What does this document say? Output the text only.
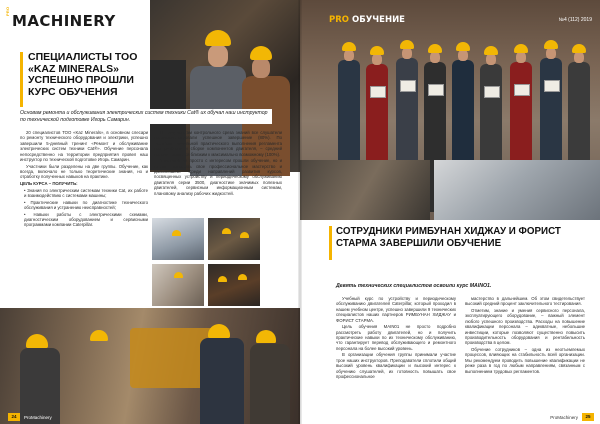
PRO
MACHINERY
СПЕЦИАЛИСТЫ ТОО «KAZ MINERALS» УСПЕШНО ПРОШЛИ КУРС ОБУЧЕНИЯ

Основам ремонта и обслуживания электрических систем техники Cat® их обучал наш инструктор по технической подготовке Игорь Самарин.

20 специалистов ТОО «Kaz Minerals», в основном слесари по ремонту технического оборудования и электрики, успешно завершили 5-дневный тренинг «Ремонт и обслуживание электрических систем техники Cat®». Обучение персонала непосредственно на территории предприятия провел наш инструктор по технической подготовке Игорь Самарин.

Участники были разделены на две группы. Обучение, как всегда, включало не только теоретические знания, но и отработку полученных навыков на практике.

ЦЕЛЬ КУРСА – ПОЛУЧИТЬ:

• Знания по электрическим системам техники Cat, их работе и взаимодействию с системами машины;

• Практические навыки по диагностике технического обслуживания и устранению неисправностей;

• Навыки работы с электрическими схемами, диагностическим оборудованием и сервисными программами компании Caterpillar.

По результатам контрольного среза знаний все слушатели продемонстрировали успешное завершение (80%). По расчетам, начальной практического выполнения регламента при разборке и сборке компонентов двигателя, – средний процент оказался близким к максимально возможному (100%).

Участники не просто с интересом прошли обучение, но и готовы повышать свое профессиональное мастерство и дальнейшем. Среди направлений развития курсов, посвященных устройству и периодическому обслуживанию двигателя серии 3500, диагностике значимых полезных двигателей, сервисным информационным системам, плановому анализу рабочих жидкостей.

24	ProMachinery
PRO ОБУЧЕНИЕ	№4 (112) 2019
СОТРУДНИКИ РИМБУНАН ХИДЖАУ И ФОРИСТ СТАРМА ЗАВЕРШИЛИ ОБУЧЕНИЕ

Девять технических специалистов освоили курс MAINO1.

Учебный курс по устройству и периодическому обслуживанию двигателей Caterpillar, который проходил в нашем учебном центре, успешно завершили 9 технических специалистов наших партнеров РИМБУНАН ХИДЖАУ и ФОРИСТ СТАРМА.

Цель обучения MAIN01 не просто подробно рассмотреть работу двигателей, но и получить практические навыки по их техническому обслуживанию, что гарантирует перевод обслуживающего и ремонтного персонала на более высокий уровень.

В организации обучения группы принимали участие трое наших инструкторов. Преподаватели сплотили общий высокий уровень квалификации и высокий интерес к обучению слушателей, их готовность повышать свое профессиональное

мастерство в дальнейшем. Об этом свидетельствует высокий средний процент заключительного тестирования.

Отметим, знание и умения сервисного персонала, эксплуатирующего оборудование, – важный элемент любого успешного производства. Расходы на повышение квалификации персонала – адекватные, небольшие инвестиции, которые позволяют существенно повысить производительность оборудования и рентабельность производства в целом.

Обучение сотрудников – одна из неотъемлемых процессов, влияющих на стабильность всей организации. Мы рекомендуем проводить повышение квалификации не реже раза в год по любым направлениям, связанным с выполнением трудовых регламентов.

ProMachinery	25
